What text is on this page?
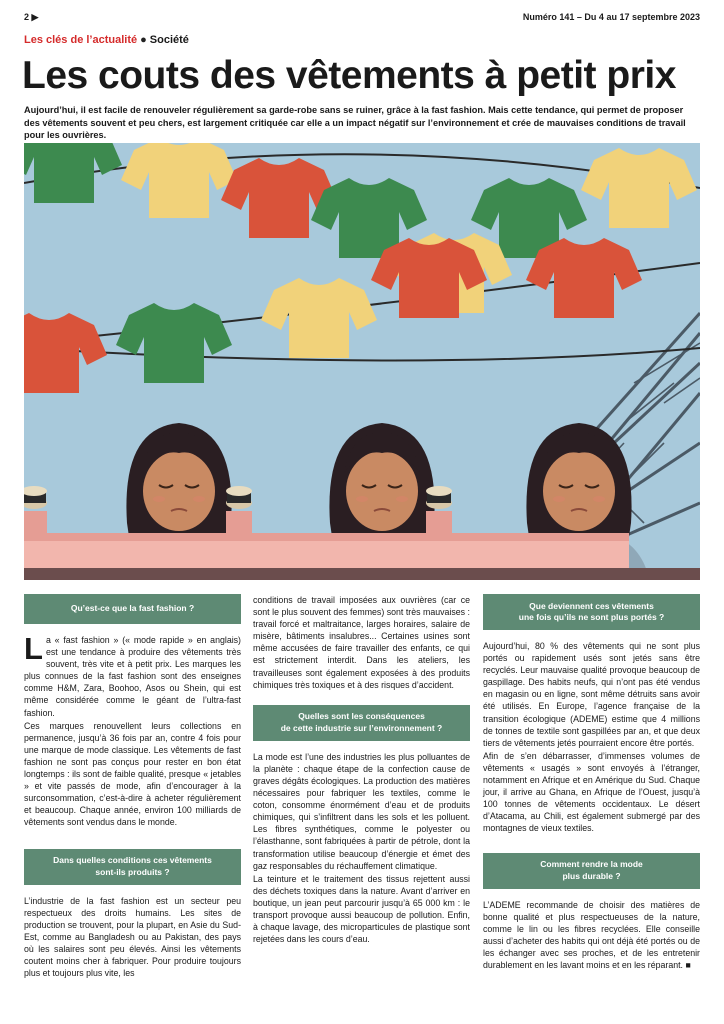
2 ▶	Numéro 141 – Du 4 au 17 septembre 2023
Les clés de l’actualité ● Société
Les couts des vêtements à petit prix

Aujourd’hui, il est facile de renouveler régulièrement sa garde-robe sans se ruiner, grâce à la fast fashion. Mais cette tendance, qui permet de proposer des vêtements souvent et peu chers, est largement critiquée car elle a un impact négatif sur l’environnement et crée de mauvaises conditions de travail pour les ouvrières.

Qu’est-ce que la fast fashion ?

La « fast fashion » (« mode rapide » en anglais) est une tendance à produire des vêtements très souvent, très vite et à petit prix. Les marques les plus connues de la fast fashion sont des enseignes comme H&M, Zara, Boohoo, Asos ou Shein, qui est même considérée comme le géant de l’ultra-fast fashion.

Ces marques renouvellent leurs collections en permanence, jusqu’à 36 fois par an, contre 4 fois pour une marque de mode classique. Les vêtements de fast fashion ne sont pas conçus pour rester en bon état longtemps : ils sont de faible qualité, presque « jetables » et vite passés de mode, afin d’encourager à la surconsommation, c’est-à-dire à acheter régulièrement et beaucoup. Chaque année, environ 100 milliards de vêtements sont vendus dans le monde.

Dans quelles conditions ces vêtements
sont-ils produits ?

L’industrie de la fast fashion est un secteur peu respectueux des droits humains. Les sites de production se trouvent, pour la plupart, en Asie du Sud-Est, comme au Bangladesh ou au Pakistan, des pays où les salaires sont peu élevés. Ainsi les vêtements coutent moins cher à fabriquer. Pour produire toujours plus et toujours plus vite, les

conditions de travail imposées aux ouvrières (car ce sont le plus souvent des femmes) sont très mauvaises : travail forcé et maltraitance, larges horaires, salaire de misère, bâtiments insalubres... Certaines usines sont même accusées de faire travailler des enfants, ce qui est strictement interdit. Dans les ateliers, les travailleuses sont également exposées à des produits chimiques très toxiques et à des risques d’accident.

Quelles sont les conséquences
de cette industrie sur l’environnement ?

La mode est l’une des industries les plus polluantes de la planète : chaque étape de la confection cause de graves dégâts écologiques. La production des matières nécessaires pour fabriquer les textiles, comme le coton, consomme énormément d’eau et de produits chimiques, qui s’infiltrent dans les sols et les polluent. Les fibres synthétiques, comme le polyester ou l’élasthanne, sont fabriquées à partir de pétrole, dont la transformation utilise beaucoup d’énergie et émet des gaz responsables du réchauffement climatique.

La teinture et le traitement des tissus rejettent aussi des déchets toxiques dans la nature. Avant d’arriver en boutique, un jean peut parcourir jusqu’à 65 000 km : le transport provoque aussi beaucoup de pollution. Enfin, à chaque lavage, des microparticules de plastique sont rejetées dans les cours d’eau.

Que deviennent ces vêtements
une fois qu’ils ne sont plus portés ?

Aujourd’hui, 80 % des vêtements qui ne sont plus portés ou rapidement usés sont jetés sans être recyclés. Leur mauvaise qualité provoque beaucoup de gaspillage. Des habits neufs, qui n’ont pas été vendus en magasin ou en ligne, sont même détruits sans avoir été utilisés. En Europe, l’agence française de la transition écologique (ADEME) estime que 4 millions de tonnes de textile sont gaspillées par an, et que deux tiers de vêtements jetés pourraient encore être portés.

Afin de s’en débarrasser, d’immenses volumes de vêtements « usagés » sont envoyés à l’étranger, notamment en Afrique et en Amérique du Sud. Chaque jour, il arrive au Ghana, en Afrique de l’Ouest, jusqu’à 100 tonnes de vêtements occidentaux. Le désert d’Atacama, au Chili, est également submergé par des montagnes de vieux textiles.

Comment rendre la mode
plus durable ?

L’ADEME recommande de choisir des matières de bonne qualité et plus respectueuses de la nature, comme le lin ou les fibres recyclées. Elle conseille aussi d’acheter des habits qui ont déjà été portés ou de les échanger avec ses proches, et de les entretenir durablement en les lavant moins et en les réparant. ■
